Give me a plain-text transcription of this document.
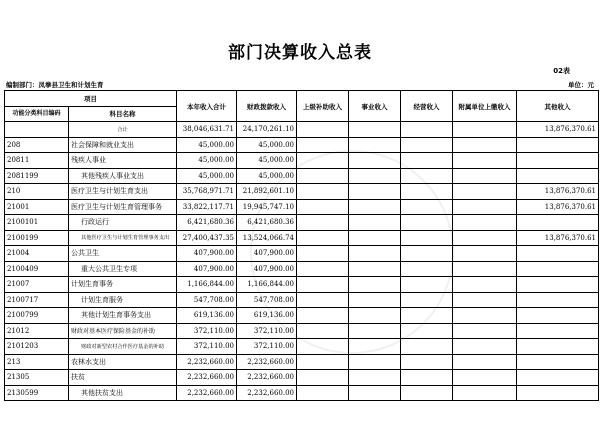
部门决算收入总表
02表
编制部门：凤拳县卫生和计划生育	单位：元
项目		本年收入合计	财政拨款收入	上级补助收入	事业收入	经营收入	附属单位上缴收入	其他收入
功能分类科目编码	科目名称							
	合计	38,046,631.71	24,170,261.10					13,876,370.61
208	社会保障和就业支出	45,000.00	45,000.00					
20811	残疾人事业	45,000.00	45,000.00					
2081199	其他残疾人事业支出	45,000.00	45,000.00					
210	医疗卫生与计划生育支出	35,768,971.71	21,892,601.10					13,876,370.61
21001	医疗卫生与计划生育管理事务	33,822,117.71	19,945,747.10					13,876,370.61
2100101	行政运行	6,421,680.36	6,421,680.36					
2100199	其他医疗卫生与计划生育管理事务支出	27,400,437.35	13,524,066.74					13,876,370.61
21004	公共卫生	407,900.00	407,900.00					
2100409	重大公共卫生专项	407,900.00	407,900.00					
21007	计划生育事务	1,166,844.00	1,166,844.00					
2100717	计划生育服务	547,708.00	547,708.00					
2100799	其他计划生育事务支出	619,136.00	619,136.00					
21012	财政对基本医疗保险基金的补助	372,110.00	372,110.00					
2101203	财政对新型农村合作医疗基金的补助	372,110.00	372,110.00					
213	农林水支出	2,232,660.00	2,232,660.00					
21305	扶贫	2,232,660.00	2,232,660.00					
2130599	其他扶贫支出	2,232,660.00	2,232,660.00					
